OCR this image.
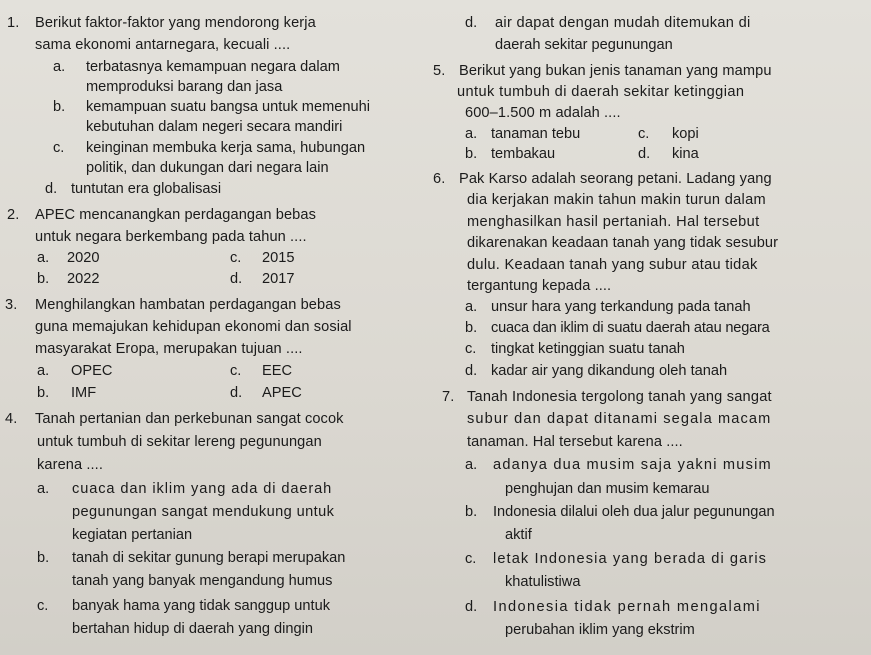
1. Berikut faktor-faktor yang mendorong kerja
sama ekonomi antarnegara, kecuali ....
a. terbatasnya kemampuan negara dalam
memproduksi barang dan jasa
b. kemampuan suatu bangsa untuk memenuhi
kebutuhan dalam negeri secara mandiri
c. keinginan membuka kerja sama, hubungan
politik, dan dukungan dari negara lain
d. tuntutan era globalisasi
2. APEC mencanangkan perdagangan bebas
untuk negara berkembang pada tahun ....
a. 2020	c. 2015
b. 2022	d. 2017
3. Menghilangkan hambatan perdagangan bebas
guna memajukan kehidupan ekonomi dan sosial
masyarakat Eropa, merupakan tujuan ....
a. OPEC	c. EEC
b. IMF	d. APEC
4. Tanah pertanian dan perkebunan sangat cocok
untuk tumbuh di sekitar lereng pegunungan
karena ....
a. cuaca dan iklim yang ada di daerah
pegunungan sangat mendukung untuk
kegiatan pertanian
b. tanah di sekitar gunung berapi merupakan
tanah yang banyak mengandung humus
c. banyak hama yang tidak sanggup untuk
bertahan hidup di daerah yang dingin
d. air dapat dengan mudah ditemukan di
daerah sekitar pegunungan
5. Berikut yang bukan jenis tanaman yang mampu
untuk tumbuh di daerah sekitar ketinggian
600–1.500 m adalah ....
a. tanaman tebu	c. kopi
b. tembakau	d. kina
6. Pak Karso adalah seorang petani. Ladang yang
dia kerjakan makin tahun makin turun dalam
menghasilkan hasil pertaniah. Hal tersebut
dikarenakan keadaan tanah yang tidak sesubur
dulu. Keadaan tanah yang subur atau tidak
tergantung kepada ....
a. unsur hara yang terkandung pada tanah
b. cuaca dan iklim di suatu daerah atau negara
c. tingkat ketinggian suatu tanah
d. kadar air yang dikandung oleh tanah
7. Tanah Indonesia tergolong tanah yang sangat
subur dan dapat ditanami segala macam
tanaman. Hal tersebut karena ....
a. adanya dua musim saja yakni musim
penghujan dan musim kemarau
b. Indonesia dilalui oleh dua jalur pegunungan
aktif
c. letak Indonesia yang berada di garis
khatulistiwa
d. Indonesia tidak pernah mengalami
perubahan iklim yang ekstrim
